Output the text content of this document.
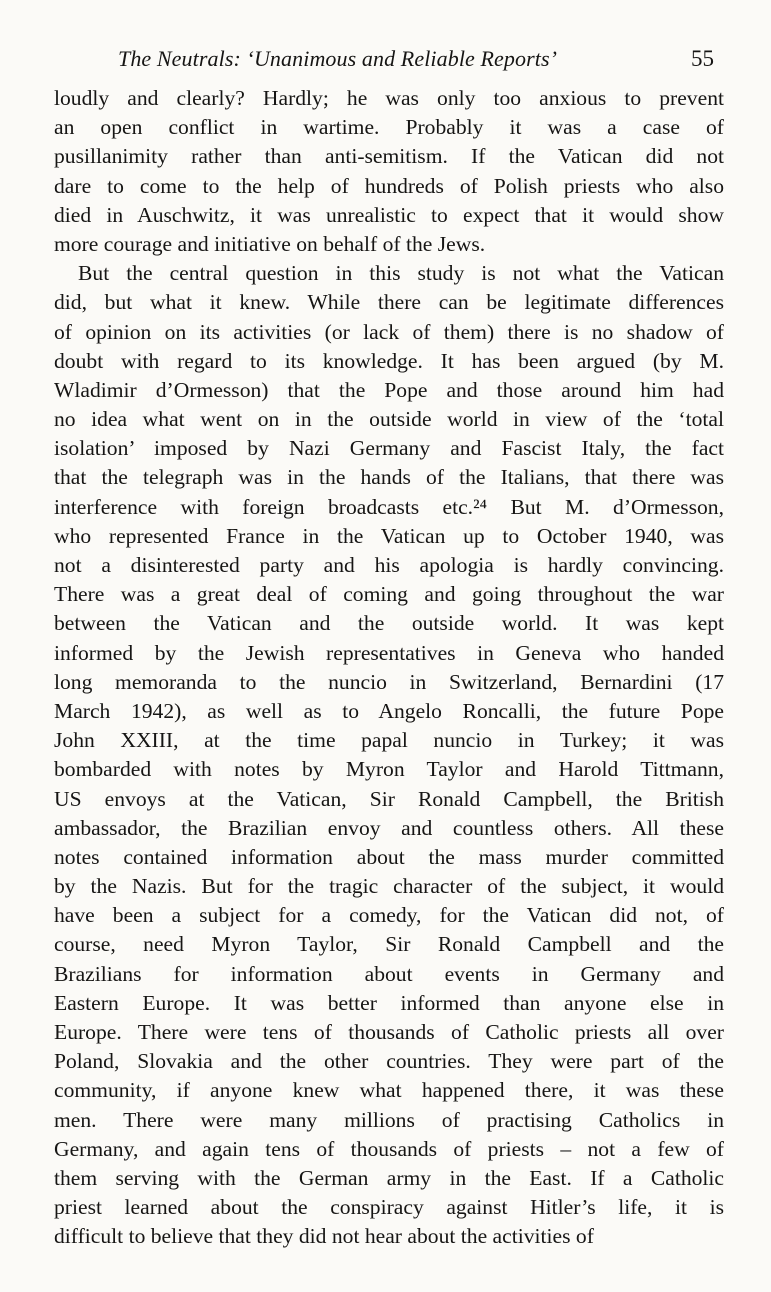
The Neutrals: ‘Unanimous and Reliable Reports’	55
loudly and clearly? Hardly; he was only too anxious to prevent
an open conflict in wartime. Probably it was a case of
pusillanimity rather than anti-semitism. If the Vatican did not
dare to come to the help of hundreds of Polish priests who also
died in Auschwitz, it was unrealistic to expect that it would show
more courage and initiative on behalf of the Jews.
But the central question in this study is not what the Vatican
did, but what it knew. While there can be legitimate differences
of opinion on its activities (or lack of them) there is no shadow of
doubt with regard to its knowledge. It has been argued (by M.
Wladimir d’Ormesson) that the Pope and those around him had
no idea what went on in the outside world in view of the ‘total
isolation’ imposed by Nazi Germany and Fascist Italy, the fact
that the telegraph was in the hands of the Italians, that there was
interference with foreign broadcasts etc.²⁴ But M. d’Ormesson,
who represented France in the Vatican up to October 1940, was
not a disinterested party and his apologia is hardly convincing.
There was a great deal of coming and going throughout the war
between the Vatican and the outside world. It was kept
informed by the Jewish representatives in Geneva who handed
long memoranda to the nuncio in Switzerland, Bernardini (17
March 1942), as well as to Angelo Roncalli, the future Pope
John XXIII, at the time papal nuncio in Turkey; it was
bombarded with notes by Myron Taylor and Harold Tittmann,
US envoys at the Vatican, Sir Ronald Campbell, the British
ambassador, the Brazilian envoy and countless others. All these
notes contained information about the mass murder committed
by the Nazis. But for the tragic character of the subject, it would
have been a subject for a comedy, for the Vatican did not, of
course, need Myron Taylor, Sir Ronald Campbell and the
Brazilians for information about events in Germany and
Eastern Europe. It was better informed than anyone else in
Europe. There were tens of thousands of Catholic priests all over
Poland, Slovakia and the other countries. They were part of the
community, if anyone knew what happened there, it was these
men. There were many millions of practising Catholics in
Germany, and again tens of thousands of priests – not a few of
them serving with the German army in the East. If a Catholic
priest learned about the conspiracy against Hitler’s life, it is
difficult to believe that they did not hear about the activities of
